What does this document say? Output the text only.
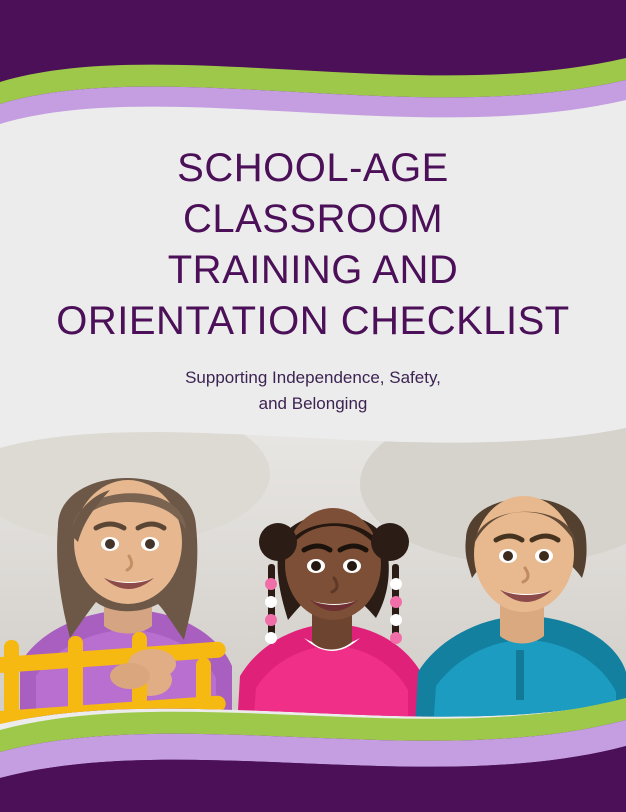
SCHOOL-AGE
CLASSROOM
TRAINING AND
ORIENTATION CHECKLIST
Supporting Independence, Safety,
and Belonging
